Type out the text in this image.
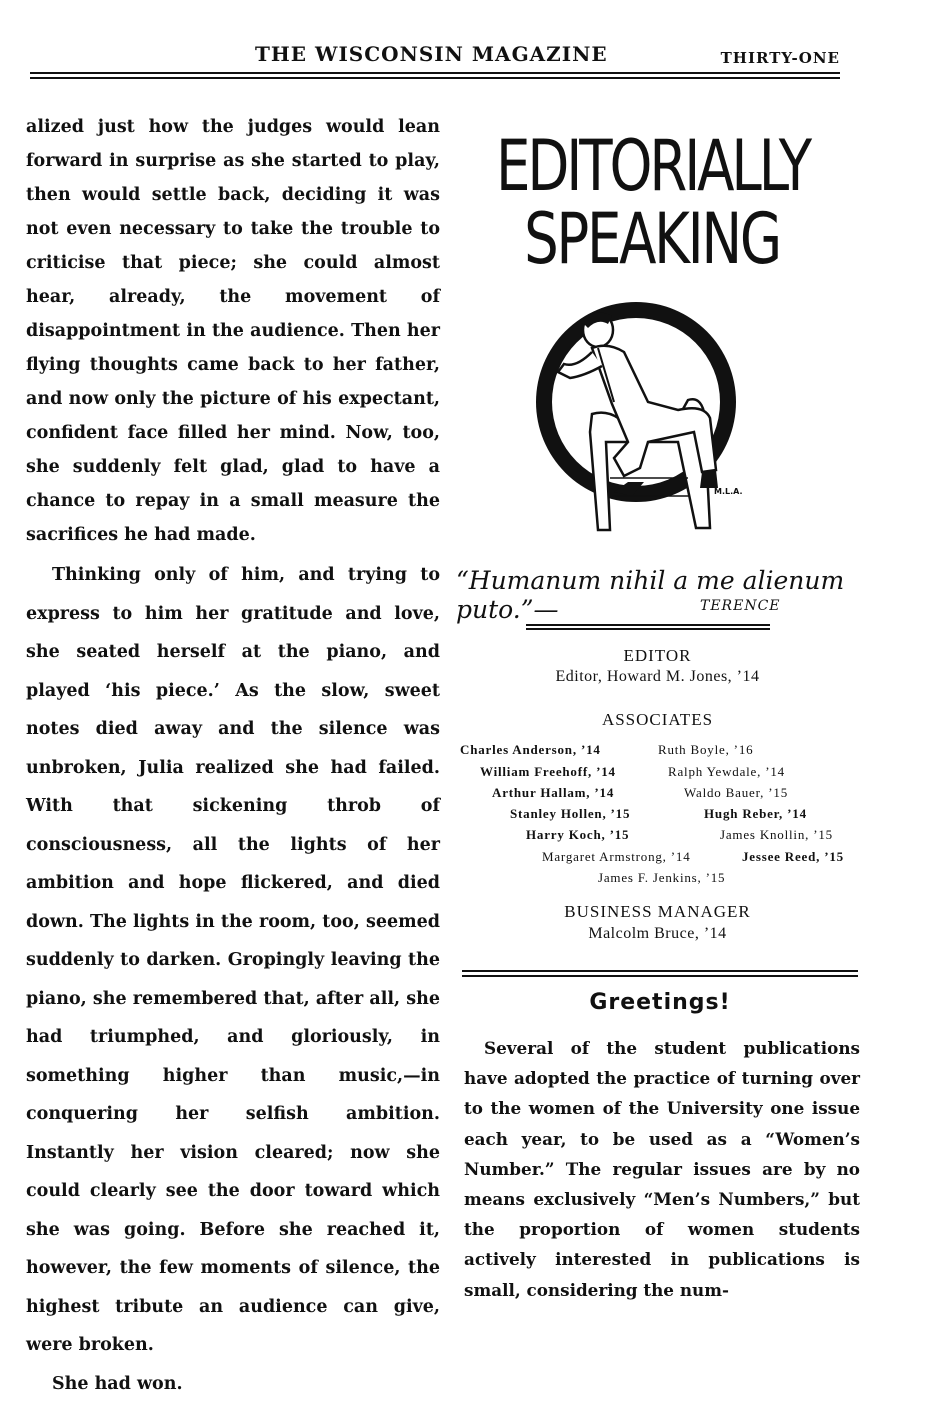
THE WISCONSIN MAGAZINE	THIRTY-ONE

alized just how the judges would lean forward in surprise as she started to play, then would settle back, deciding it was not even necessary to take the trouble to criticise that piece; she could almost hear, already, the movement of disappointment in the audience. Then her flying thoughts came back to her father, and now only the picture of his expectant, confident face filled her mind. Now, too, she suddenly felt glad, glad to have a chance to repay in a small measure the sacrifices he had made.

Thinking only of him, and trying to express to him her gratitude and love, she seated herself at the piano, and played ‘his piece.’ As the slow, sweet notes died away and the silence was unbroken, Julia realized she had failed. With that sickening throb of consciousness, all the lights of her ambition and hope flickered, and died down. The lights in the room, too, seemed suddenly to darken. Gropingly leaving the piano, she remembered that, after all, she had triumphed, and gloriously, in something higher than music,—in conquering her selfish ambition. Instantly her vision cleared; now she could clearly see the door toward which she was going. Before she reached it, however, the few moments of silence, the highest tribute an audience can give, were broken.

She had won.

EDITORIALLY
SPEAKING
M.L.A.
“Humanum nihil a me alienum puto.”—	TERENCE
EDITOR
Editor, Howard M. Jones, ’14
ASSOCIATES
Charles Anderson, ’14	Ruth Boyle, ’16
William Freehoff, ’14	Ralph Yewdale, ’14
Arthur Hallam, ’14	Waldo Bauer, ’15
Stanley Hollen, ’15	Hugh Reber, ’14
Harry Koch, ’15	James Knollin, ’15
Margaret Armstrong, ’14	Jessee Reed, ’15
James F. Jenkins, ’15
BUSINESS MANAGER
Malcolm Bruce, ’14
Greetings!

Several of the student publications have adopted the practice of turning over to the women of the University one issue each year, to be used as a “Women’s Number.” The regular issues are by no means exclusively “Men’s Numbers,” but the proportion of women students actively interested in publications is small, considering the num-
